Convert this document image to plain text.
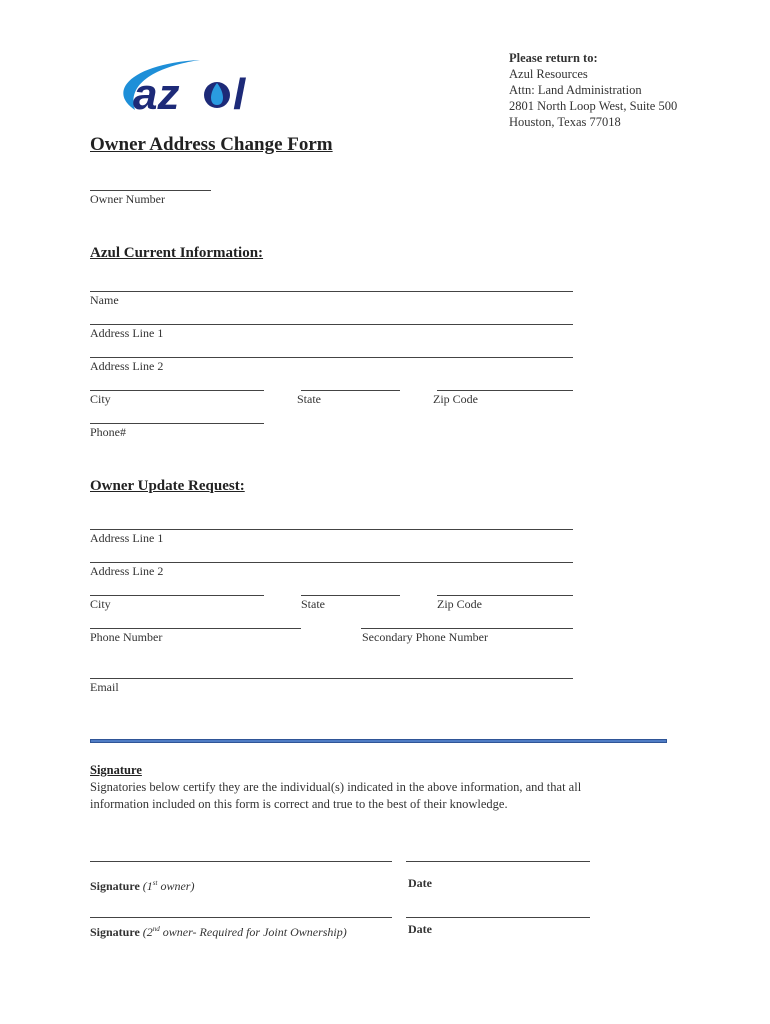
az l
Please return to:
Azul Resources
Attn: Land Administration
2801 North Loop West, Suite 500
Houston, Texas 77018
Owner Address Change Form
Owner Number
Azul Current Information:
Name
Address Line 1
Address Line 2
City	State	Zip Code
Phone#
Owner Update Request:
Address Line 1
Address Line 2
City	State	Zip Code
Phone Number	Secondary Phone Number
Email
Signature
Signatories below certify they are the individual(s) indicated in the above information, and that all
information included on this form is correct and true to the best of their knowledge.
Signature (1st owner)	Date
Signature (2nd owner- Required for Joint Ownership)	Date
